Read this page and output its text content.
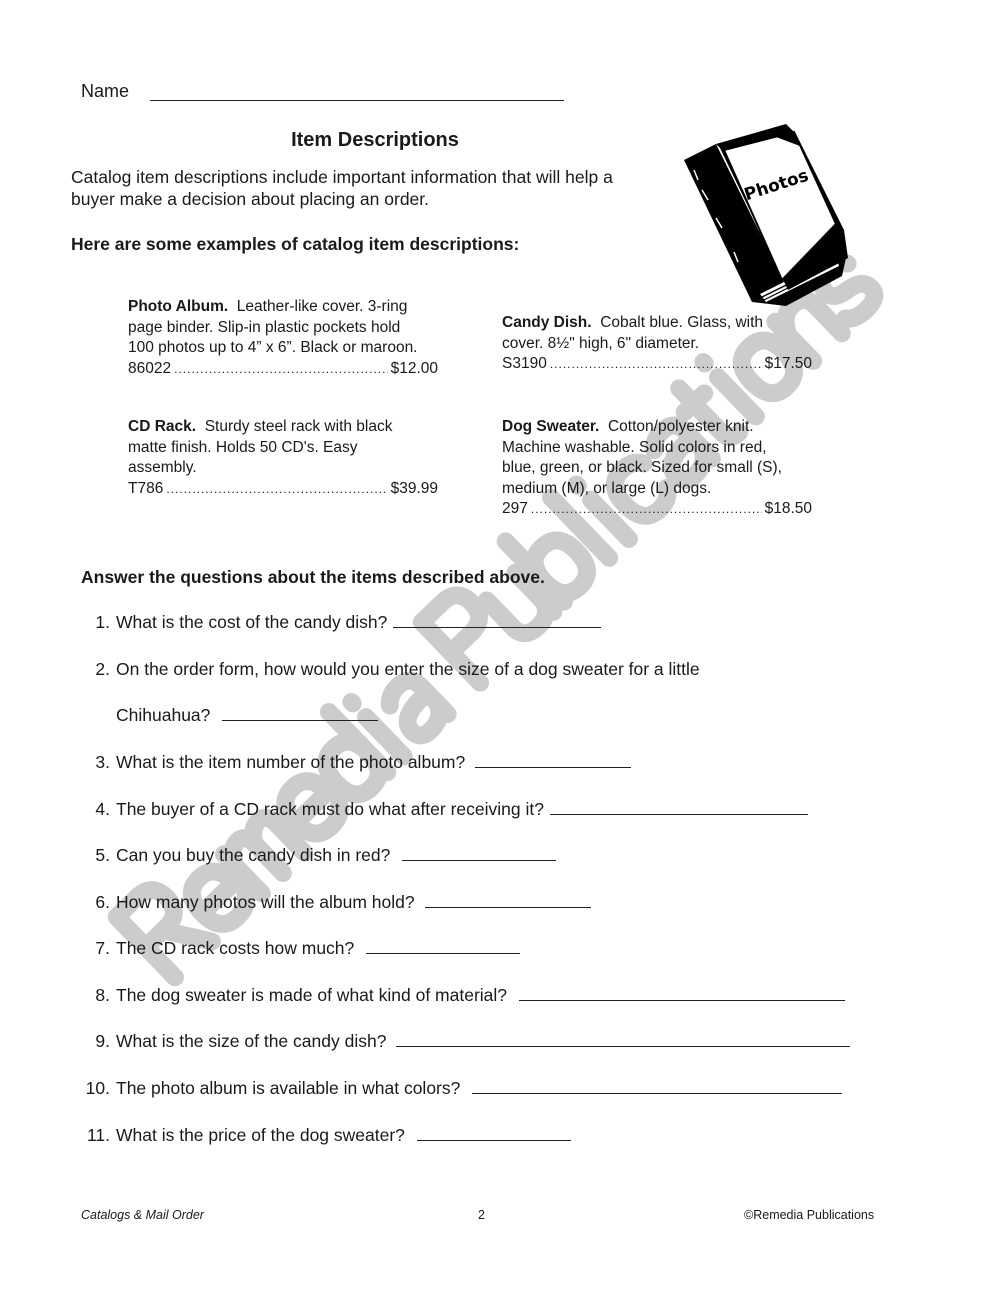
Name
Item Descriptions
Catalog item descriptions include important information that will help a buyer make a decision about placing an order.
Here are some examples of catalog item descriptions:
Photos
Photo Album. Leather-like cover. 3-ring
page binder. Slip-in plastic pockets hold
100 photos up to 4” x 6”. Black or maroon.
86022 .....	$12.00
Candy Dish. Cobalt blue. Glass, with
cover. 8½" high, 6" diameter.
S3190 .....	$17.50
CD Rack. Sturdy steel rack with black
matte finish. Holds 50 CD's. Easy
assembly.
T786 .....	$39.99
Dog Sweater. Cotton/polyester knit.
Machine washable. Solid colors in red,
blue, green, or black. Sized for small (S),
medium (M), or large (L) dogs.
297 .....	$18.50
Answer the questions about the items described above.
1. What is the cost of the candy dish?
2. On the order form, how would you enter the size of a dog sweater for a little
Chihuahua?
3. What is the item number of the photo album?
4. The buyer of a CD rack must do what after receiving it?
5. Can you buy the candy dish in red?
6. How many photos will the album hold?
7. The CD rack costs how much?
8. The dog sweater is made of what kind of material?
9. What is the size of the candy dish?
10. The photo album is available in what colors?
11. What is the price of the dog sweater?
Catalogs & Mail Order	2	©Remedia Publications
